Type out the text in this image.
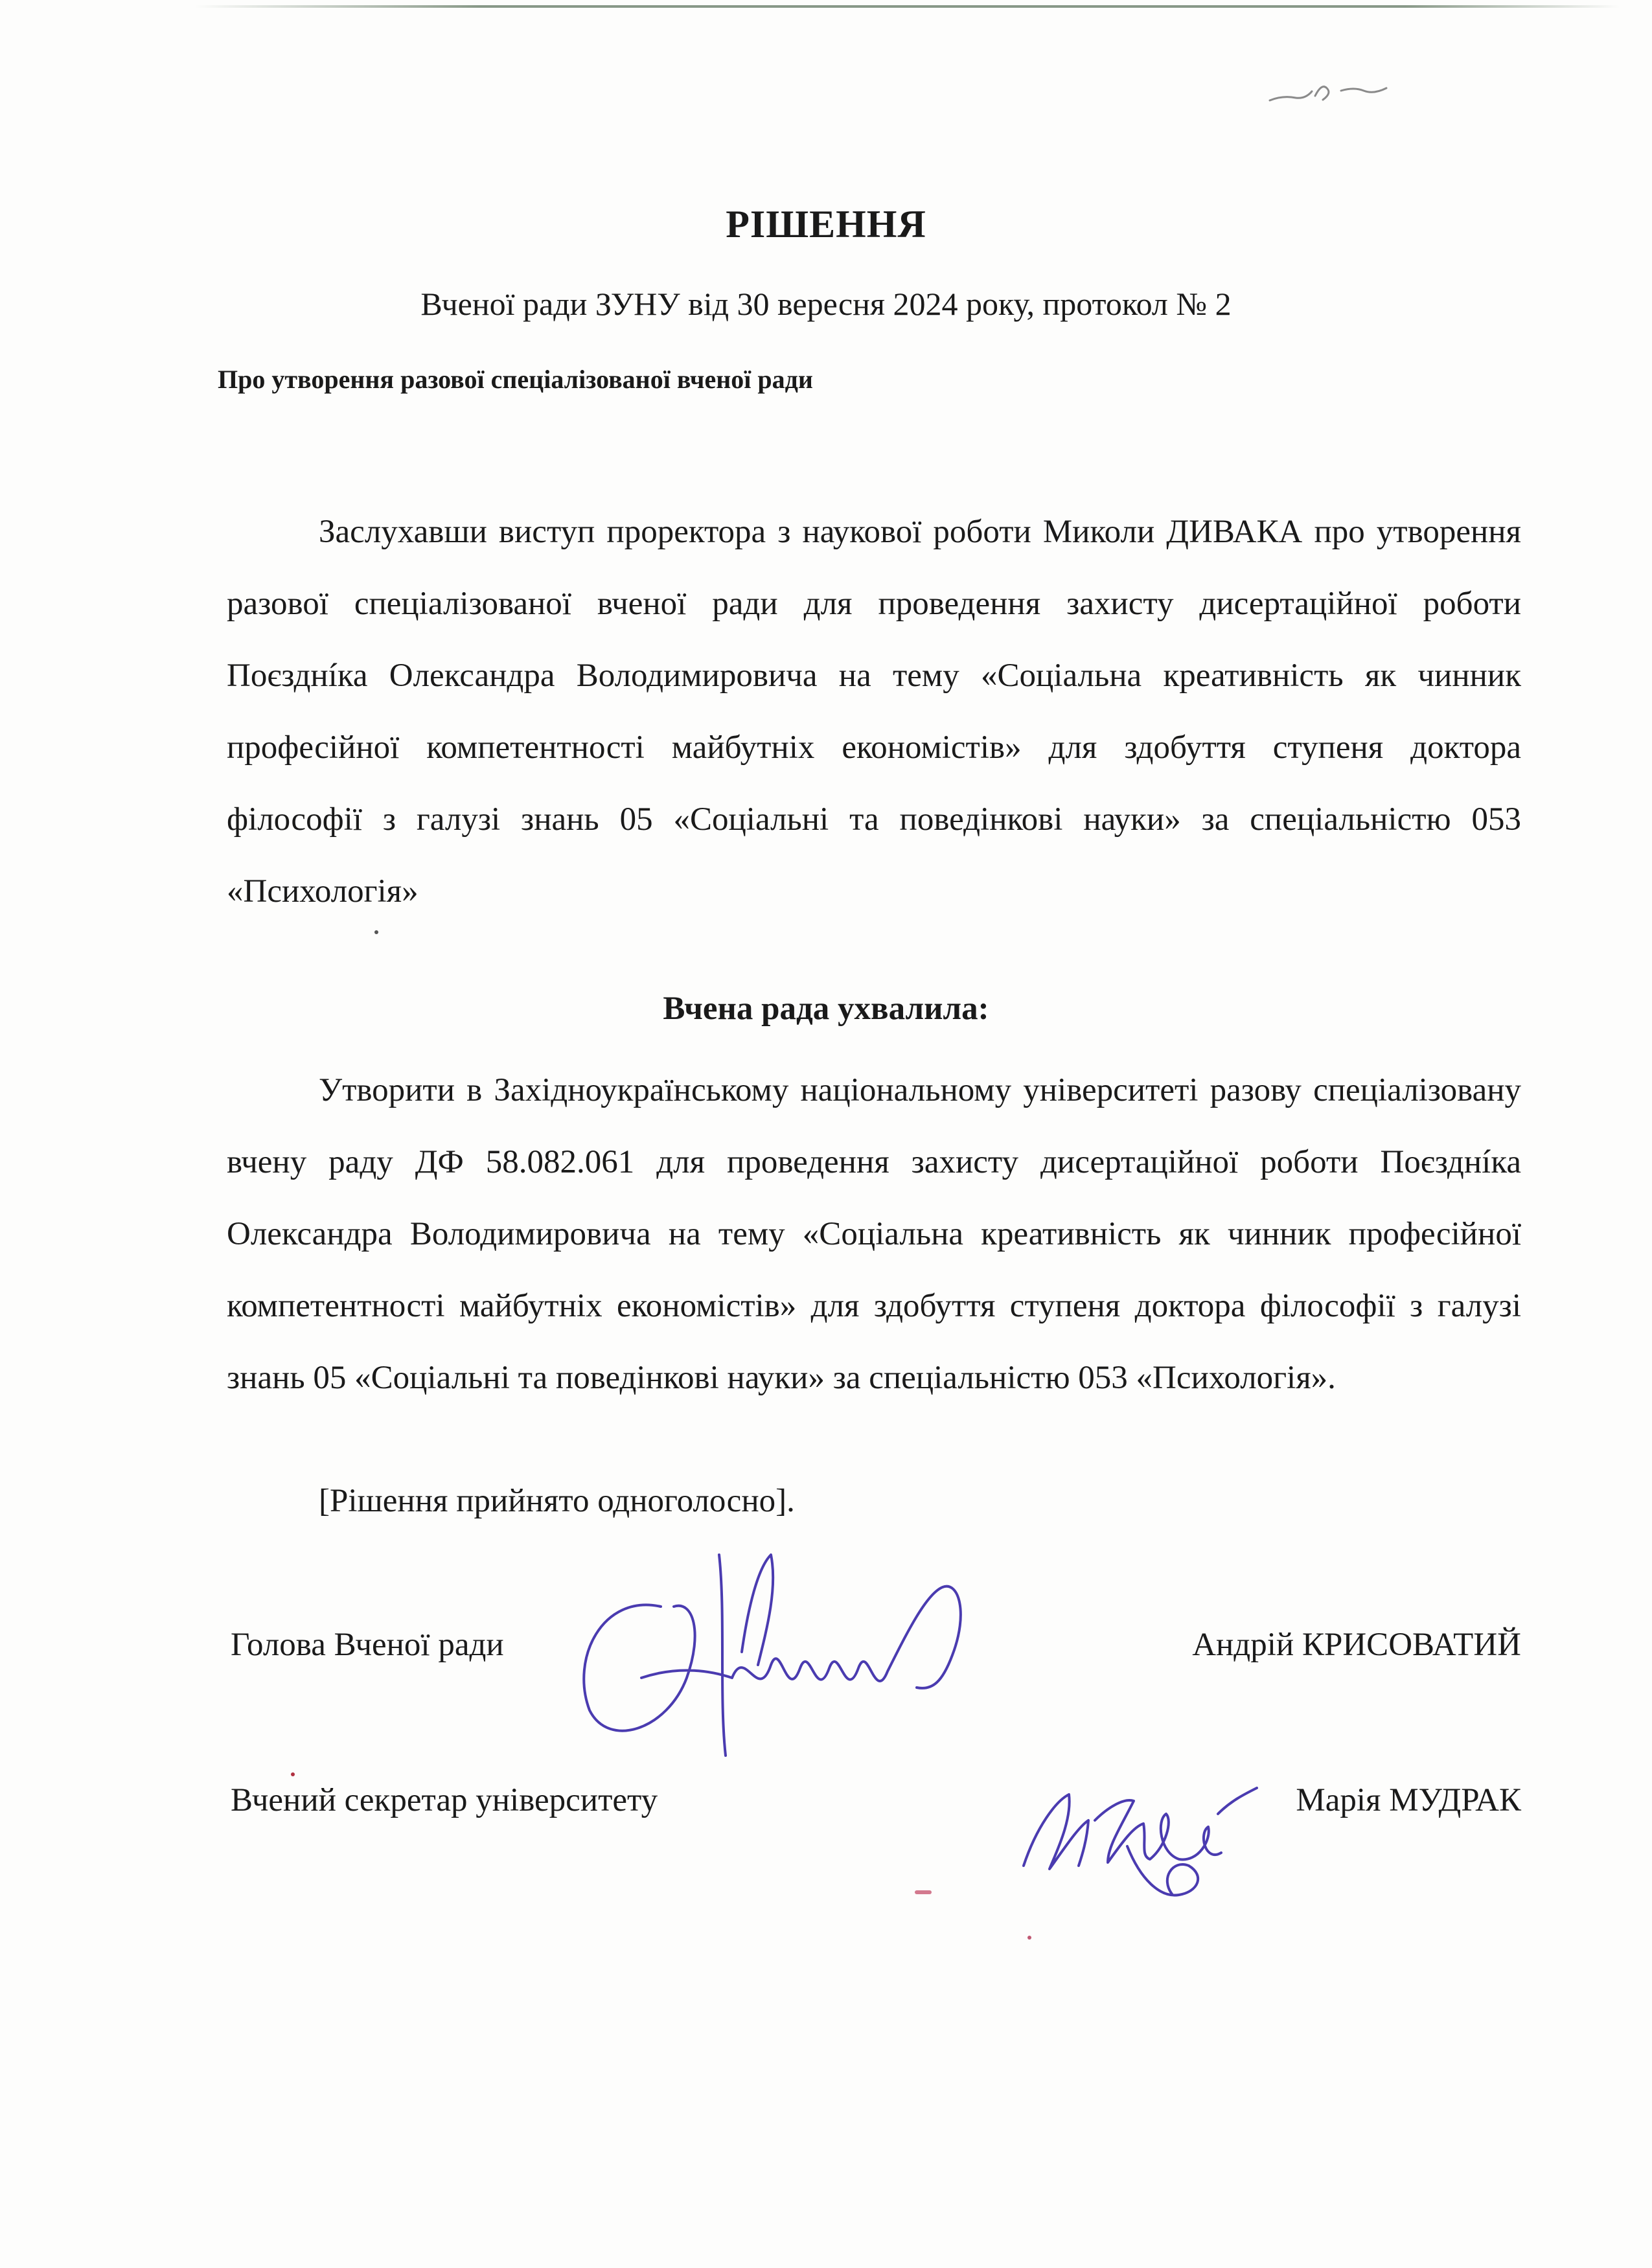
РІШЕННЯ
Вченої ради ЗУНУ від 30 вересня 2024 року, протокол № 2
Про утворення разової спеціалізованої вченої ради
Заслухавши виступ проректора з наукової роботи Миколи ДИВАКА про утворення разової спеціалізованої вченої ради для проведення захисту дисертаційної роботи Поєзднíка Олександра Володимировича на тему «Соціальна креативність як чинник професійної компетентності майбутніх економістів» для здобуття ступеня доктора філософії з галузі знань 05 «Соціальні та поведінкові науки» за спеціальністю 053 «Психологія»
Вчена рада ухвалила:
Утворити в Західноукраїнському національному університеті разову спеціалізовану вчену раду ДФ 58.082.061 для проведення захисту дисертаційної роботи Поєзднíка Олександра Володимировича на тему «Соціальна креативність як чинник професійної компетентності майбутніх економістів» для здобуття ступеня доктора філософії з галузі знань 05 «Соціальні та поведінкові науки» за спеціальністю 053 «Психологія».
[Рішення прийнято одноголосно].
Голова Вченої ради	Андрій КРИСОВАТИЙ
Вчений секретар університету	Марія МУДРАК
